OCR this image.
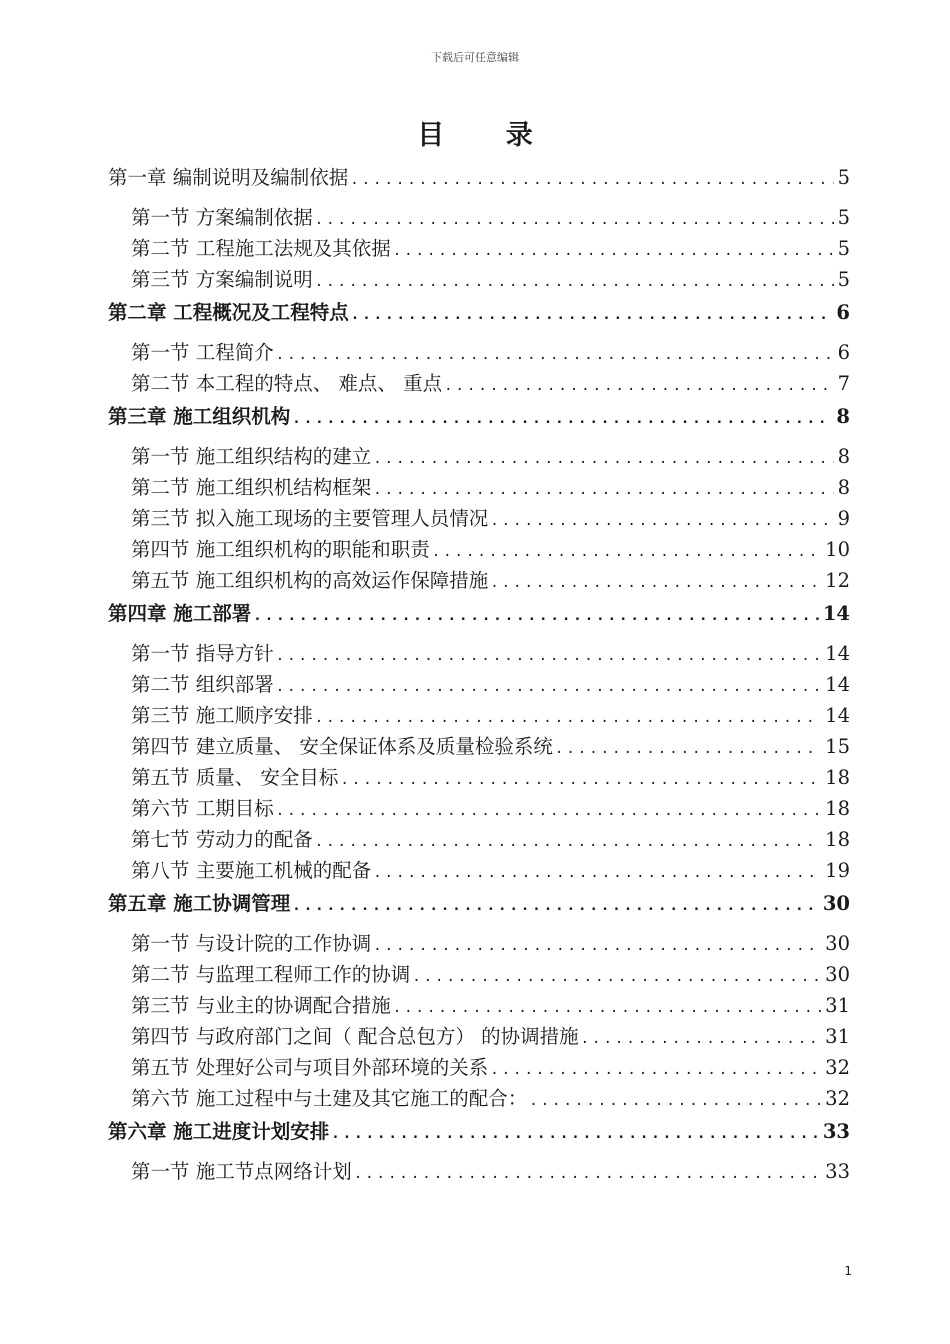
下载后可任意编辑
目 录
第一章 编制说明及编制依据 .....	5
第一节 方案编制依据 .....	5
第二节 工程施工法规及其依据 .....	5
第三节 方案编制说明 .....	5
第二章 工程概况及工程特点 .....	6
第一节 工程简介 .....	6
第二节 本工程的特点、 难点、 重点 .....	7
第三章 施工组织机构 .....	8
第一节 施工组织结构的建立 .....	8
第二节 施工组织机结构框架 .....	8
第三节 拟入施工现场的主要管理人员情况 .....	9
第四节 施工组织机构的职能和职责 .....	10
第五节 施工组织机构的高效运作保障措施 .....	12
第四章 施工部署 .....	14
第一节 指导方针 .....	14
第二节 组织部署 .....	14
第三节 施工顺序安排 .....	14
第四节 建立质量、 安全保证体系及质量检验系统 .....	15
第五节 质量、 安全目标 .....	18
第六节 工期目标 .....	18
第七节 劳动力的配备 .....	18
第八节 主要施工机械的配备 .....	19
第五章 施工协调管理 .....	30
第一节 与设计院的工作协调 .....	30
第二节 与监理工程师工作的协调 .....	30
第三节 与业主的协调配合措施 .....	31
第四节 与政府部门之间（ 配合总包方） 的协调措施 .....	31
第五节 处理好公司与项目外部环境的关系 .....	32
第六节 施工过程中与土建及其它施工的配合： .....	32
第六章 施工进度计划安排 .....	33
第一节 施工节点网络计划 .....	33
1
